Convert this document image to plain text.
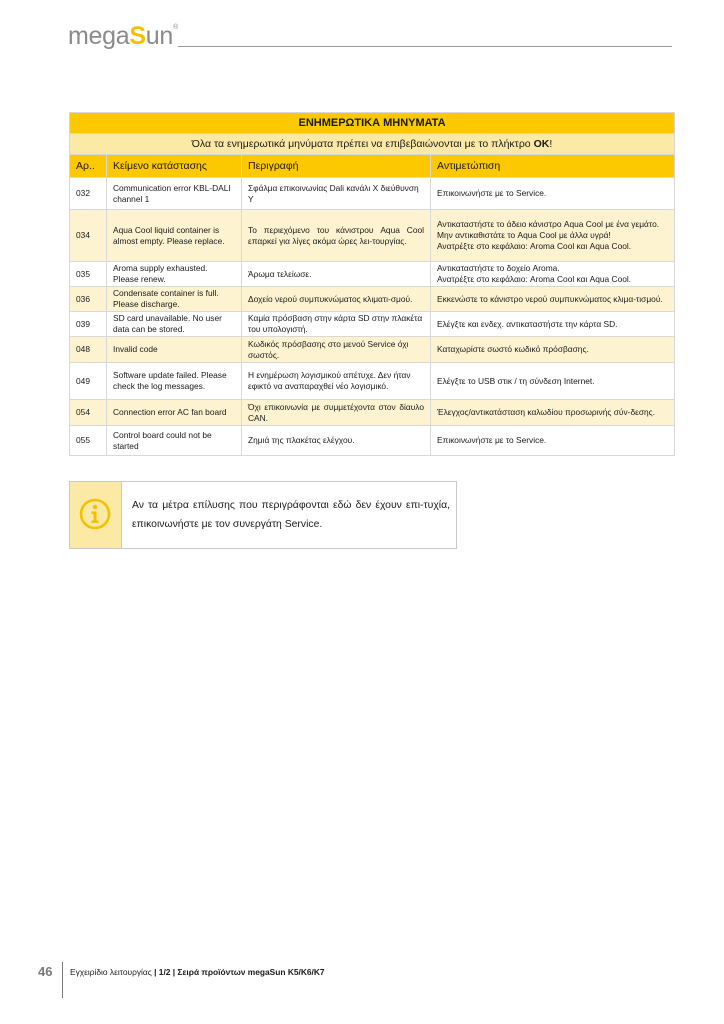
megaSun®
ΕΝΗΜΕΡΩΤΙΚΑ ΜΗΝΥΜΑΤΑ			
Όλα τα ενημερωτικά μηνύματα πρέπει να επιβεβαιώνονται με το πλήκτρο OK!			
Αρ..	Κείμενο κατάστασης	Περιγραφή	Αντιμετώπιση
032	Communication error KBL-DALI channel 1	Σφάλμα επικοινωνίας Dali κανάλι X διεύθυνση Y	Επικοινωνήστε με το Service.
034	Aqua Cool liquid container is almost empty. Please replace.	Το περιεχόμενο του κάνιστρου Aqua Cool επαρκεί για λίγες ακόμα ώρες λει-τουργίας.	Αντικαταστήστε το άδειο κάνιστρο Aqua Cool με ένα γεμάτο. Μην αντικαθιστάτε το Aqua Cool με άλλα υγρά!
Ανατρέξτε στο κεφάλαιο: Aroma Cool και Aqua Cool.

035	Aroma supply exhausted. Please renew.	Άρωμα τελείωσε.	Αντικαταστήστε το δοχείο Aroma.
Ανατρέξτε στο κεφάλαιο: Aroma Cool και Aqua Cool.

036	Condensate container is full. Please discharge.	Δοχείο νερού συμπυκνώματος κλιματι-σμού.	Εκκενώστε το κάνιστρο νερού συμπυκνώματος κλιμα-τισμού.
039	SD card unavailable. No user data can be stored.	Καμία πρόσβαση στην κάρτα SD στην πλακέτα του υπολογιστή.	Ελέγξτε και ενδεχ. αντικαταστήστε την κάρτα SD.
048	Invalid code	Κωδικός πρόσβασης στο μενού Service όχι σωστός.	Καταχωρίστε σωστό κωδικό πρόσβασης.
049	Software update failed. Please check the log messages.	Η ενημέρωση λογισμικού απέτυχε. Δεν ήταν εφικτό να αναπαραχθεί νέο λογισμικό.	Ελέγξτε το USB στικ / τη σύνδεση Internet.
054	Connection error AC fan board	Όχι επικοινωνία με συμμετέχοντα στον δίαυλο CAN.	Έλεγχος/αντικατάσταση καλωδίου προσωρινής σύν-δεσης.
055	Control board could not be started	Ζημιά της πλακέτας ελέγχου.	Επικοινωνήστε με το Service.
Αν τα μέτρα επίλυσης που περιγράφονται εδώ δεν έχουν επι-τυχία, επικοινωνήστε με τον συνεργάτη Service.
46 Εγχειρίδιο λειτουργίας | 1/2 | Σειρά προϊόντων megaSun K5/K6/K7
